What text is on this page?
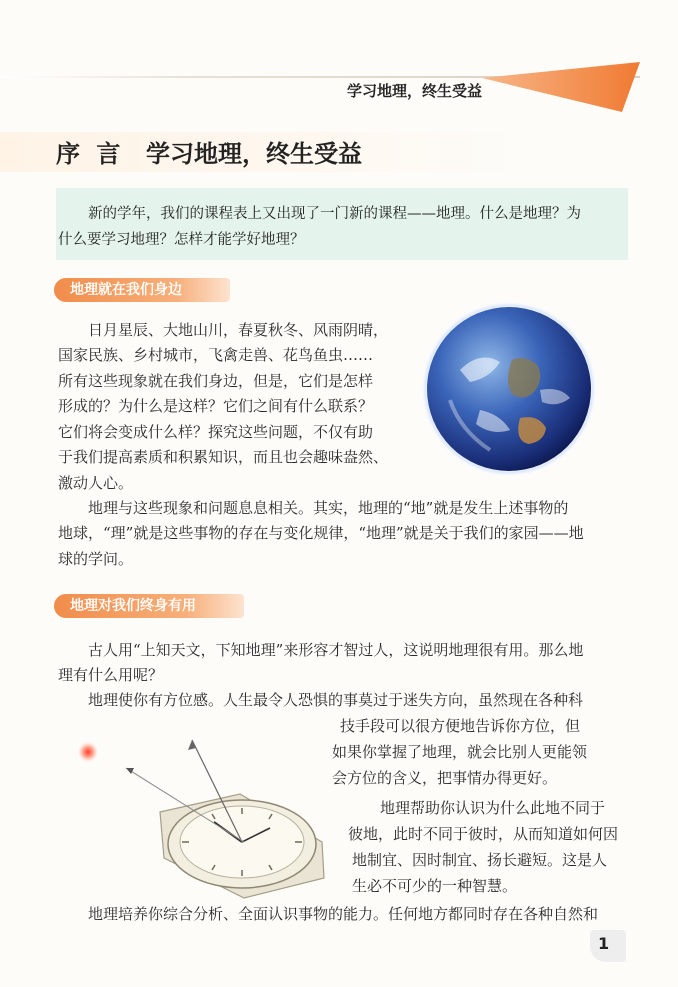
学习地理，终生受益
序 言 学习地理，终生受益
新的学年，我们的课程表上又出现了一门新的课程——地理。什么是地理？为
什么要学习地理？怎样才能学好地理？
地理就在我们身边
日月星辰、大地山川，春夏秋冬、风雨阴晴，
国家民族、乡村城市，飞禽走兽、花鸟鱼虫……
所有这些现象就在我们身边，但是，它们是怎样
形成的？为什么是这样？它们之间有什么联系？
它们将会变成什么样？探究这些问题，不仅有助
于我们提高素质和积累知识，而且也会趣味盎然、
激动人心。
地理与这些现象和问题息息相关。其实，地理的“地”就是发生上述事物的
地球，“理”就是这些事物的存在与变化规律，“地理”就是关于我们的家园——地
球的学问。
地理对我们终身有用
古人用“上知天文，下知地理”来形容才智过人，这说明地理很有用。那么地
理有什么用呢？
地理使你有方位感。人生最令人恐惧的事莫过于迷失方向，虽然现在各种科
技手段可以很方便地告诉你方位，但
如果你掌握了地理，就会比别人更能领
会方位的含义，把事情办得更好。
地理帮助你认识为什么此地不同于
彼地，此时不同于彼时，从而知道如何因
地制宜、因时制宜、扬长避短。这是人
生必不可少的一种智慧。
地理培养你综合分析、全面认识事物的能力。任何地方都同时存在各种自然和
1
